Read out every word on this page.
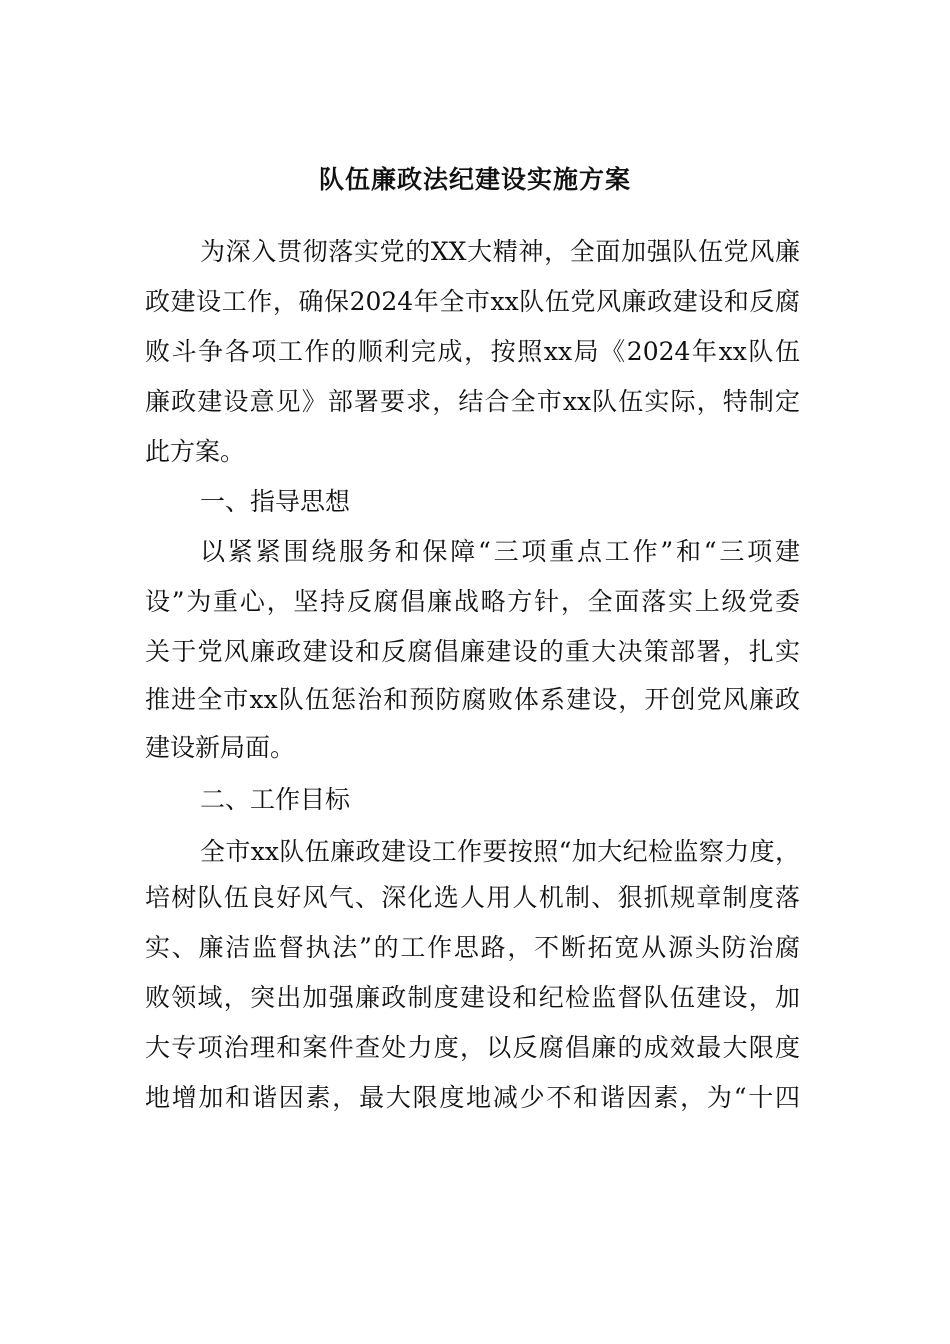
队伍廉政法纪建设实施方案
为深入贯彻落实党的XX大精神，全面加强队伍党风廉
政建设工作，确保2024年全市xx队伍党风廉政建设和反腐
败斗争各项工作的顺利完成，按照xx局《2024年xx队伍
廉政建设意见》部署要求，结合全市xx队伍实际，特制定
此方案。
一、指导思想
以紧紧围绕服务和保障“三项重点工作”和“三项建
设”为重心，坚持反腐倡廉战略方针，全面落实上级党委
关于党风廉政建设和反腐倡廉建设的重大决策部署，扎实
推进全市xx队伍惩治和预防腐败体系建设，开创党风廉政
建设新局面。
二、工作目标
全市xx队伍廉政建设工作要按照“加大纪检监察力度，
培树队伍良好风气、深化选人用人机制、狠抓规章制度落
实、廉洁监督执法”的工作思路，不断拓宽从源头防治腐
败领域，突出加强廉政制度建设和纪检监督队伍建设，加
大专项治理和案件查处力度，以反腐倡廉的成效最大限度
地增加和谐因素，最大限度地减少不和谐因素，为“十四
